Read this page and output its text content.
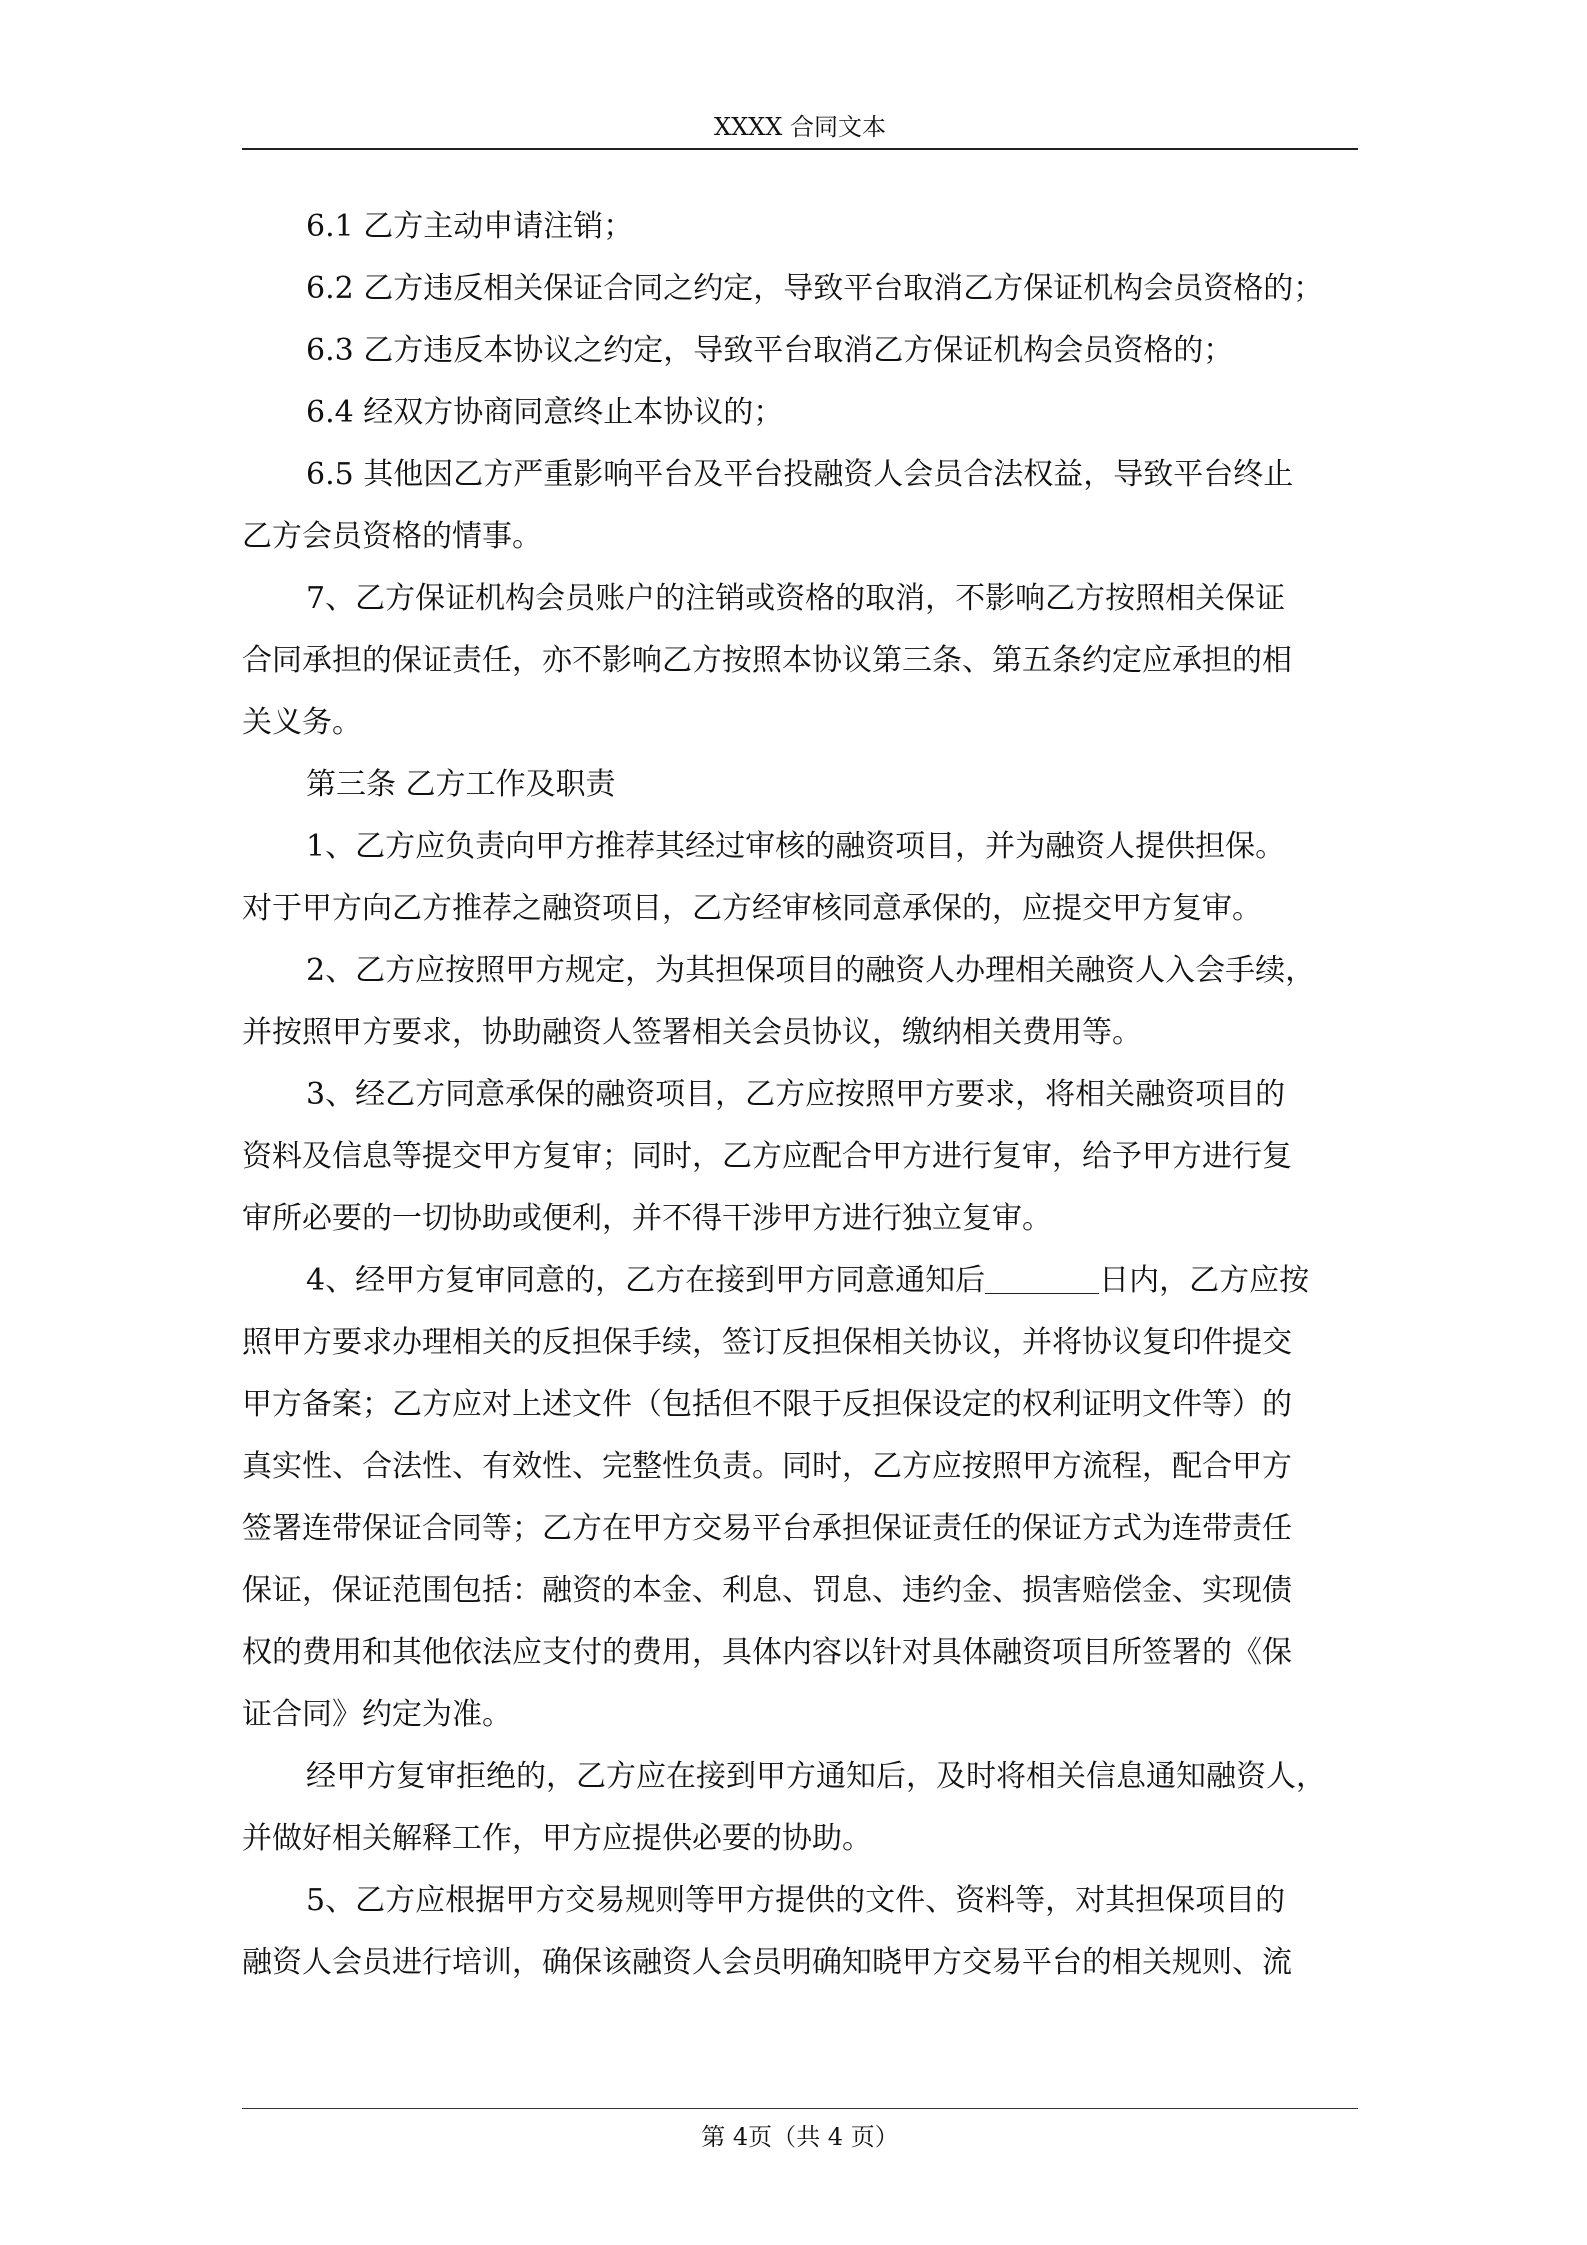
XXXX 合同文本

6.1 乙方主动申请注销；

6.2 乙方违反相关保证合同之约定，导致平台取消乙方保证机构会员资格的；

6.3 乙方违反本协议之约定，导致平台取消乙方保证机构会员资格的；

6.4 经双方协商同意终止本协议的；

6.5 其他因乙方严重影响平台及平台投融资人会员合法权益，导致平台终止

乙方会员资格的情事。

7、乙方保证机构会员账户的注销或资格的取消，不影响乙方按照相关保证

合同承担的保证责任，亦不影响乙方按照本协议第三条、第五条约定应承担的相

关义务。

第三条 乙方工作及职责

1、乙方应负责向甲方推荐其经过审核的融资项目，并为融资人提供担保。

对于甲方向乙方推荐之融资项目，乙方经审核同意承保的，应提交甲方复审。

2、乙方应按照甲方规定，为其担保项目的融资人办理相关融资人入会手续，

并按照甲方要求，协助融资人签署相关会员协议，缴纳相关费用等。

3、经乙方同意承保的融资项目，乙方应按照甲方要求，将相关融资项目的

资料及信息等提交甲方复审；同时，乙方应配合甲方进行复审，给予甲方进行复

审所必要的一切协助或便利，并不得干涉甲方进行独立复审。

4、经甲方复审同意的，乙方在接到甲方同意通知后	日内，乙方应按

照甲方要求办理相关的反担保手续，签订反担保相关协议，并将协议复印件提交

甲方备案；乙方应对上述文件（包括但不限于反担保设定的权利证明文件等）的

真实性、合法性、有效性、完整性负责。同时，乙方应按照甲方流程，配合甲方

签署连带保证合同等；乙方在甲方交易平台承担保证责任的保证方式为连带责任

保证，保证范围包括：融资的本金、利息、罚息、违约金、损害赔偿金、实现债

权的费用和其他依法应支付的费用，具体内容以针对具体融资项目所签署的《保

证合同》约定为准。

经甲方复审拒绝的，乙方应在接到甲方通知后，及时将相关信息通知融资人，

并做好相关解释工作，甲方应提供必要的协助。

5、乙方应根据甲方交易规则等甲方提供的文件、资料等，对其担保项目的

融资人会员进行培训，确保该融资人会员明确知晓甲方交易平台的相关规则、流

第 4页（共 4 页）
